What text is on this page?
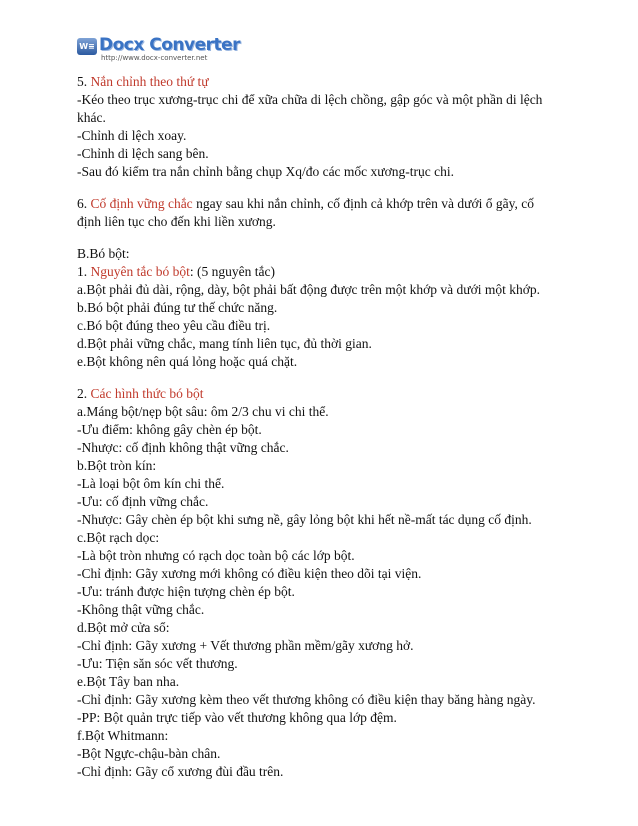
W≡ Docx Converter
http://www.docx-converter.net
5. Nắn chỉnh theo thứ tự
-Kéo theo trục xương-trục chi để xữa chữa di lệch chồng, gập góc và một phần di lệch
khác.
-Chỉnh di lệch xoay.
-Chỉnh di lệch sang bên.
-Sau đó kiểm tra nắn chỉnh bằng chụp Xq/đo các mốc xương-trục chi.
6. Cố định vững chắc ngay sau khi nắn chỉnh, cố định cả khớp trên và dưới ổ gãy, cố
định liên tục cho đến khi liền xương.
B.Bó bột:
1. Nguyên tắc bó bột: (5 nguyên tắc)
a.Bột phải đủ dài, rộng, dày, bột phải bất động được trên một khớp và dưới một khớp.
b.Bó bột phải đúng tư thế chức năng.
c.Bó bột đúng theo yêu cầu điều trị.
d.Bột phải vững chắc, mang tính liên tục, đủ thời gian.
e.Bột không nên quá lỏng hoặc quá chặt.
2. Các hình thức bó bột
a.Máng bột/nẹp bột sâu: ôm 2/3 chu vi chi thể.
-Ưu điểm: không gây chèn ép bột.
-Nhược: cố định không thật vững chắc.
b.Bột tròn kín:
-Là loại bột ôm kín chi thể.
-Ưu: cố định vững chắc.
-Nhược: Gây chèn ép bột khi sưng nề, gây lỏng bột khi hết nề-mất tác dụng cố định.
c.Bột rạch dọc:
-Là bột tròn nhưng có rạch dọc toàn bộ các lớp bột.
-Chỉ định: Gãy xương mới không có điều kiện theo dõi tại viện.
-Ưu: tránh được hiện tượng chèn ép bột.
-Không thật vững chắc.
d.Bột mở cửa sổ:
-Chỉ định: Gãy xương + Vết thương phần mềm/gãy xương hở.
-Ưu: Tiện săn sóc vết thương.
e.Bột Tây ban nha.
-Chỉ định: Gãy xương kèm theo vết thương không có điều kiện thay băng hàng ngày.
-PP: Bột quản trực tiếp vào vết thương không qua lớp đệm.
f.Bột Whitmann:
-Bột Ngực-chậu-bàn chân.
-Chỉ định: Gãy cổ xương đùi đầu trên.
